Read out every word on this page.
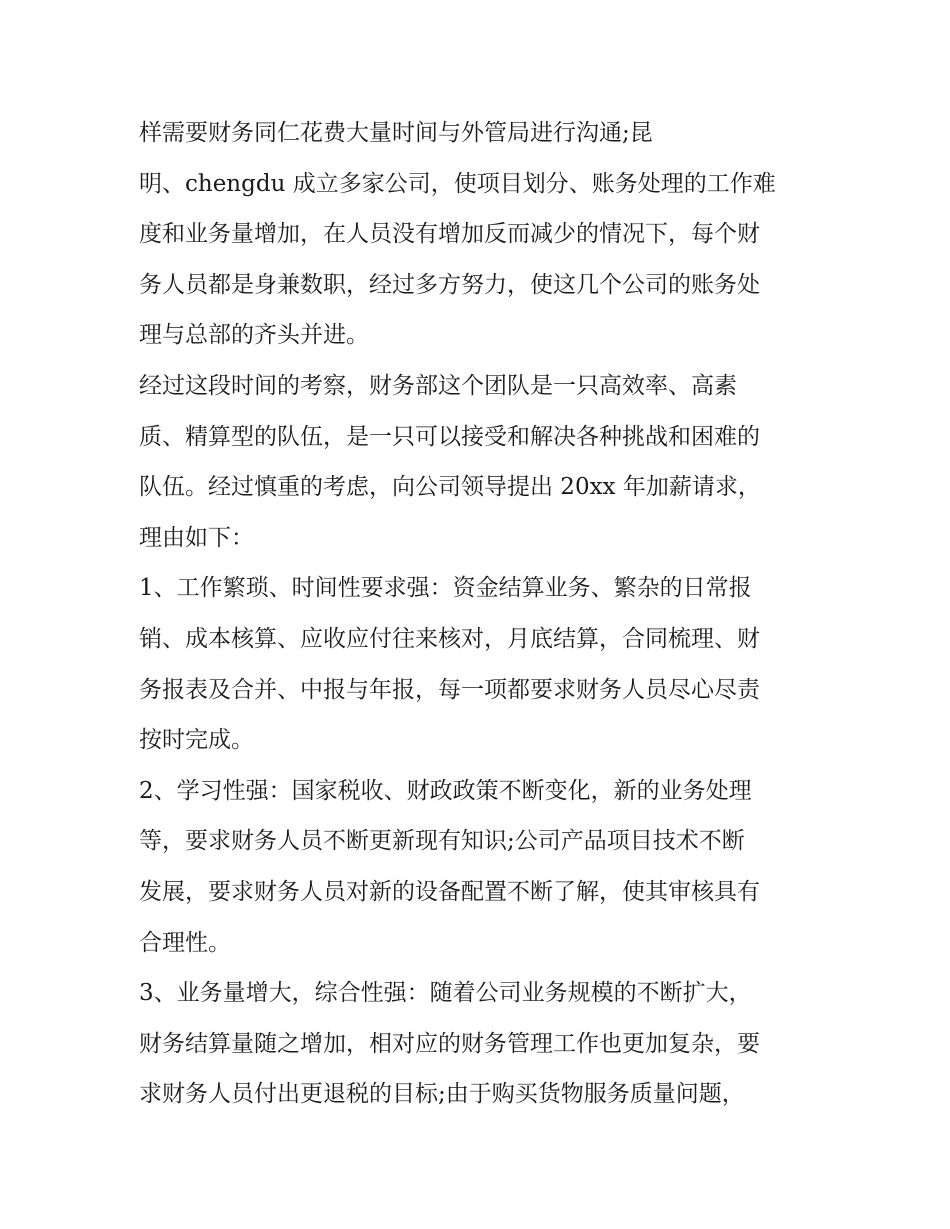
样需要财务同仁花费大量时间与外管局进行沟通;昆
明、chengdu 成立多家公司，使项目划分、账务处理的工作难
度和业务量增加，在人员没有增加反而减少的情况下，每个财
务人员都是身兼数职，经过多方努力，使这几个公司的账务处
理与总部的齐头并进。
经过这段时间的考察，财务部这个团队是一只高效率、高素
质、精算型的队伍，是一只可以接受和解决各种挑战和困难的
队伍。经过慎重的考虑，向公司领导提出 20xx 年加薪请求，
理由如下：
1、工作繁琐、时间性要求强：资金结算业务、繁杂的日常报
销、成本核算、应收应付往来核对，月底结算，合同梳理、财
务报表及合并、中报与年报，每一项都要求财务人员尽心尽责
按时完成。
2、学习性强：国家税收、财政政策不断变化，新的业务处理
等，要求财务人员不断更新现有知识;公司产品项目技术不断
发展，要求财务人员对新的设备配置不断了解，使其审核具有
合理性。
3、业务量增大，综合性强：随着公司业务规模的不断扩大，
财务结算量随之增加，相对应的财务管理工作也更加复杂，要
求财务人员付出更退税的目标;由于购买货物服务质量问题，
